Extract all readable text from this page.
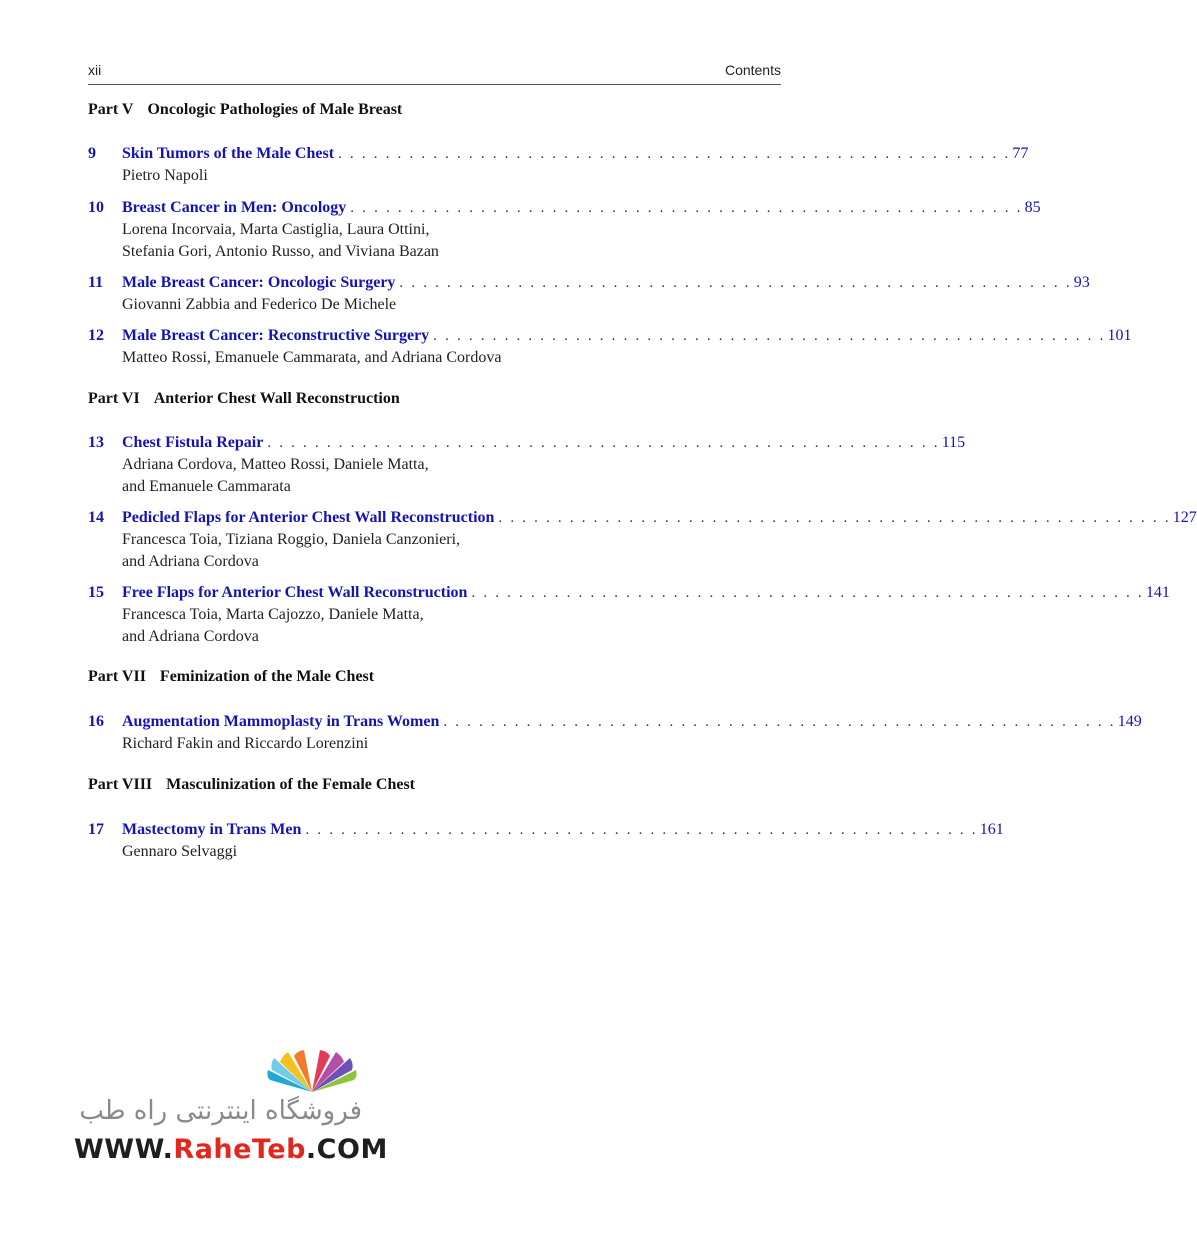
xii	Contents
Part V Oncologic Pathologies of Male Breast
9	Skin Tumors of the Male Chest . . . . . . . . . . . . . . . . . . . . . . . . . . . . . . . . . . . . . . . . . . . . . . . . . . . . . . . . . 77
Pietro Napoli
10	Breast Cancer in Men: Oncology . . . . . . . . . . . . . . . . . . . . . . . . . . . . . . . . . . . . . . . . . . . . . . . . . . . . . . . . . 85
Lorena Incorvaia, Marta Castiglia, Laura Ottini,
Stefania Gori, Antonio Russo, and Viviana Bazan
11	Male Breast Cancer: Oncologic Surgery . . . . . . . . . . . . . . . . . . . . . . . . . . . . . . . . . . . . . . . . . . . . . . . . . . . . . . . . . 93
Giovanni Zabbia and Federico De Michele
12	Male Breast Cancer: Reconstructive Surgery . . . . . . . . . . . . . . . . . . . . . . . . . . . . . . . . . . . . . . . . . . . . . . . . . . . . . . . . . 101
Matteo Rossi, Emanuele Cammarata, and Adriana Cordova
Part VI Anterior Chest Wall Reconstruction
13	Chest Fistula Repair . . . . . . . . . . . . . . . . . . . . . . . . . . . . . . . . . . . . . . . . . . . . . . . . . . . . . . . . . 115
Adriana Cordova, Matteo Rossi, Daniele Matta,
and Emanuele Cammarata
14	Pedicled Flaps for Anterior Chest Wall Reconstruction . . . . . . . . . . . . . . . . . . . . . . . . . . . . . . . . . . . . . . . . . . . . . . . . . . . . . . . . . 127
Francesca Toia, Tiziana Roggio, Daniela Canzonieri,
and Adriana Cordova
15	Free Flaps for Anterior Chest Wall Reconstruction . . . . . . . . . . . . . . . . . . . . . . . . . . . . . . . . . . . . . . . . . . . . . . . . . . . . . . . . . 141
Francesca Toia, Marta Cajozzo, Daniele Matta,
and Adriana Cordova
Part VII Feminization of the Male Chest
16	Augmentation Mammoplasty in Trans Women . . . . . . . . . . . . . . . . . . . . . . . . . . . . . . . . . . . . . . . . . . . . . . . . . . . . . . . . . 149
Richard Fakin and Riccardo Lorenzini
Part VIII Masculinization of the Female Chest
17	Mastectomy in Trans Men . . . . . . . . . . . . . . . . . . . . . . . . . . . . . . . . . . . . . . . . . . . . . . . . . . . . . . . . . 161
Gennaro Selvaggi
فروشگاه اینترنتی راه طب
WWW.RaheTeb.COM
